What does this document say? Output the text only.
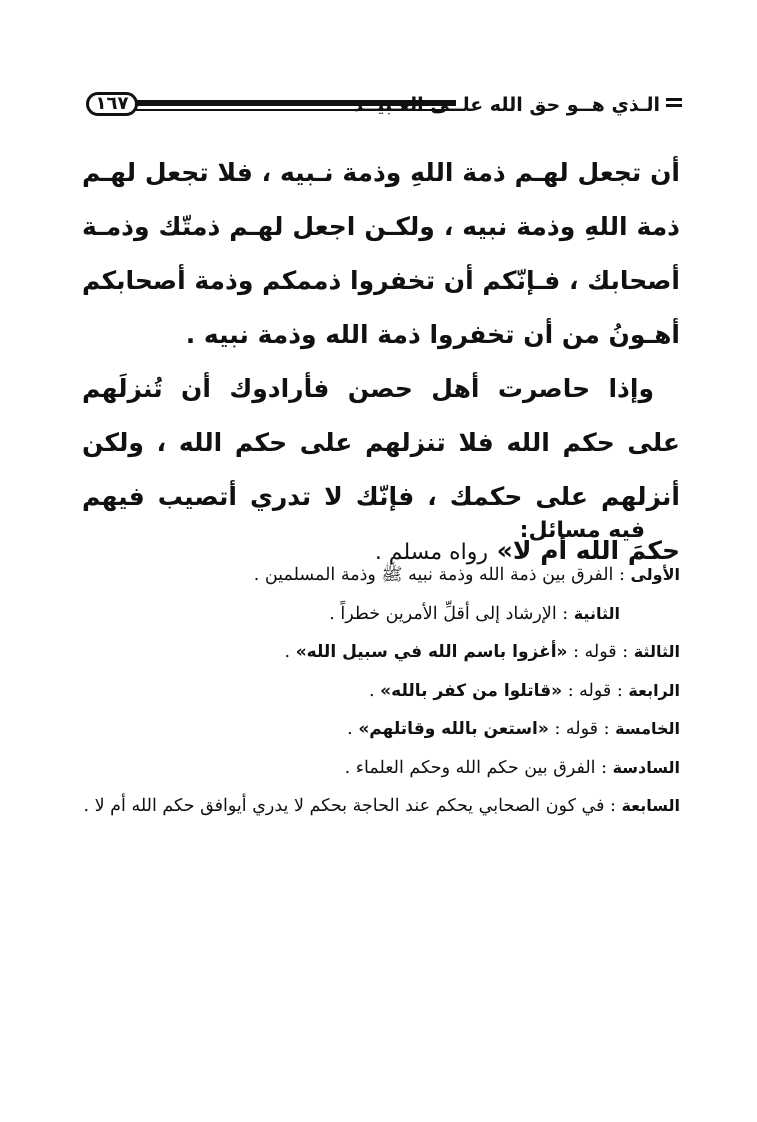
١٦٧	الـذي هــو حق الله علــى العـبيــد

أن تجعل لهـم ذمة اللهِ وذمة نـبيه ، فلا تجعل لهـم ذمة اللهِ وذمة نبيه ، ولكـن اجعل لهـم ذمتّك وذمـة أصحابك ، فـإنّكم أن تخفروا ذممكم وذمة أصحابكم أهـونُ من أن تخفروا ذمة الله وذمة نبيه .

وإذا حاصرت أهل حصن فأرادوك أن تُنزلَهم على حكم الله فلا تنزلهم على حكم الله ، ولكن أنزلهم على حكمك ، فإنّك لا تدري أتصيب فيهم حكمَ الله أم لا» رواه مسلم .

فيه مسائل:

الأولى : الفرق بين ذمة الله وذمة نبيه ﷺ وذمة المسلمين .

الثانية : الإرشاد إلى أقلِّ الأمرين خطراً .

الثالثة : قوله : «أغزوا باسم الله في سبيل الله» .

الرابعة : قوله : «قاتلوا من كفر بالله» .

الخامسة : قوله : «استعن بالله وقاتلهم» .

السادسة : الفرق بين حكم الله وحكم العلماء .

السابعة : في كون الصحابي يحكم عند الحاجة بحكم لا يدري أيوافق حكم الله أم لا .
